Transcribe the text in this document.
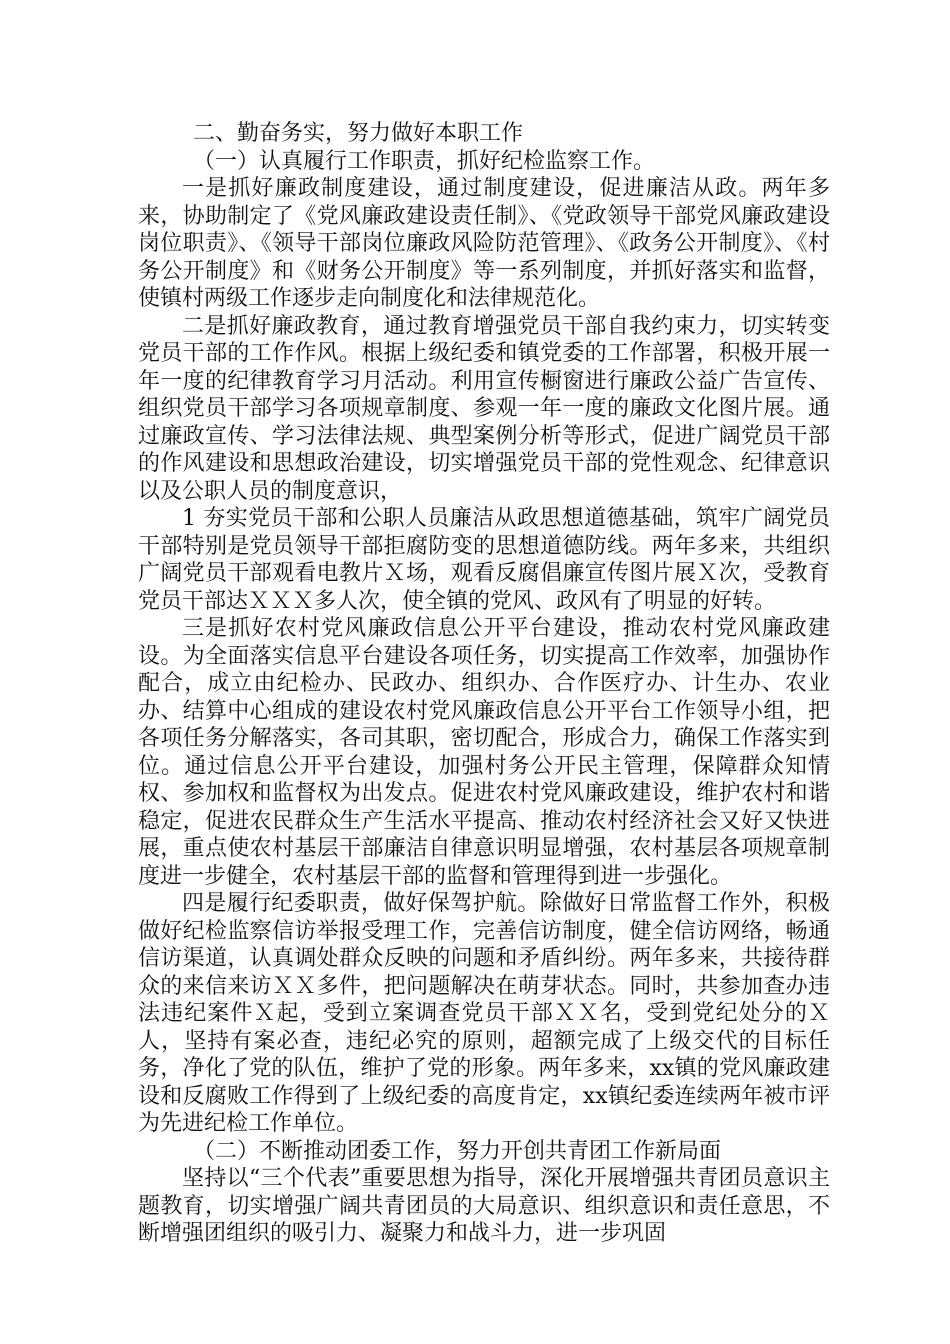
二、勤奋务实，努力做好本职工作

（一）认真履行工作职责，抓好纪检监察工作。

一是抓好廉政制度建设，通过制度建设，促进廉洁从政。两年多来，协助制定了《党风廉政建设责任制》、《党政领导干部党风廉政建设岗位职责》、《领导干部岗位廉政风险防范管理》、《政务公开制度》、《村务公开制度》和《财务公开制度》等一系列制度，并抓好落实和监督，使镇村两级工作逐步走向制度化和法律规范化。

二是抓好廉政教育，通过教育增强党员干部自我约束力，切实转变党员干部的工作作风。根据上级纪委和镇党委的工作部署，积极开展一年一度的纪律教育学习月活动。利用宣传橱窗进行廉政公益广告宣传、组织党员干部学习各项规章制度、参观一年一度的廉政文化图片展。通过廉政宣传、学习法律法规、典型案例分析等形式，促进广阔党员干部的作风建设和思想政治建设，切实增强党员干部的党性观念、纪律意识以及公职人员的制度意识，

1 夯实党员干部和公职人员廉洁从政思想道德基础，筑牢广阔党员干部特别是党员领导干部拒腐防变的思想道德防线。两年多来，共组织广阔党员干部观看电教片Ｘ场，观看反腐倡廉宣传图片展Ｘ次，受教育党员干部达ＸＸＸ多人次，使全镇的党风、政风有了明显的好转。

三是抓好农村党风廉政信息公开平台建设，推动农村党风廉政建设。为全面落实信息平台建设各项任务，切实提高工作效率，加强协作配合，成立由纪检办、民政办、组织办、合作医疗办、计生办、农业办、结算中心组成的建设农村党风廉政信息公开平台工作领导小组，把各项任务分解落实，各司其职，密切配合，形成合力，确保工作落实到位。通过信息公开平台建设，加强村务公开民主管理，保障群众知情权、参加权和监督权为出发点。促进农村党风廉政建设，维护农村和谐稳定，促进农民群众生产生活水平提高、推动农村经济社会又好又快进展，重点使农村基层干部廉洁自律意识明显增强，农村基层各项规章制度进一步健全，农村基层干部的监督和管理得到进一步强化。

四是履行纪委职责，做好保驾护航。除做好日常监督工作外，积极做好纪检监察信访举报受理工作，完善信访制度，健全信访网络，畅通信访渠道，认真调处群众反映的问题和矛盾纠纷。两年多来，共接待群众的来信来访ＸＸ多件，把问题解决在萌芽状态。同时，共参加查办违法违纪案件Ｘ起，受到立案调查党员干部ＸＸ名，受到党纪处分的Ｘ人，坚持有案必查，违纪必究的原则，超额完成了上级交代的目标任务，净化了党的队伍，维护了党的形象。两年多来，xx镇的党风廉政建设和反腐败工作得到了上级纪委的高度肯定，xx镇纪委连续两年被市评为先进纪检工作单位。

（二）不断推动团委工作，努力开创共青团工作新局面

坚持以“三个代表”重要思想为指导，深化开展增强共青团员意识主题教育，切实增强广阔共青团员的大局意识、组织意识和责任意思，不断增强团组织的吸引力、凝聚力和战斗力，进一步巩固
